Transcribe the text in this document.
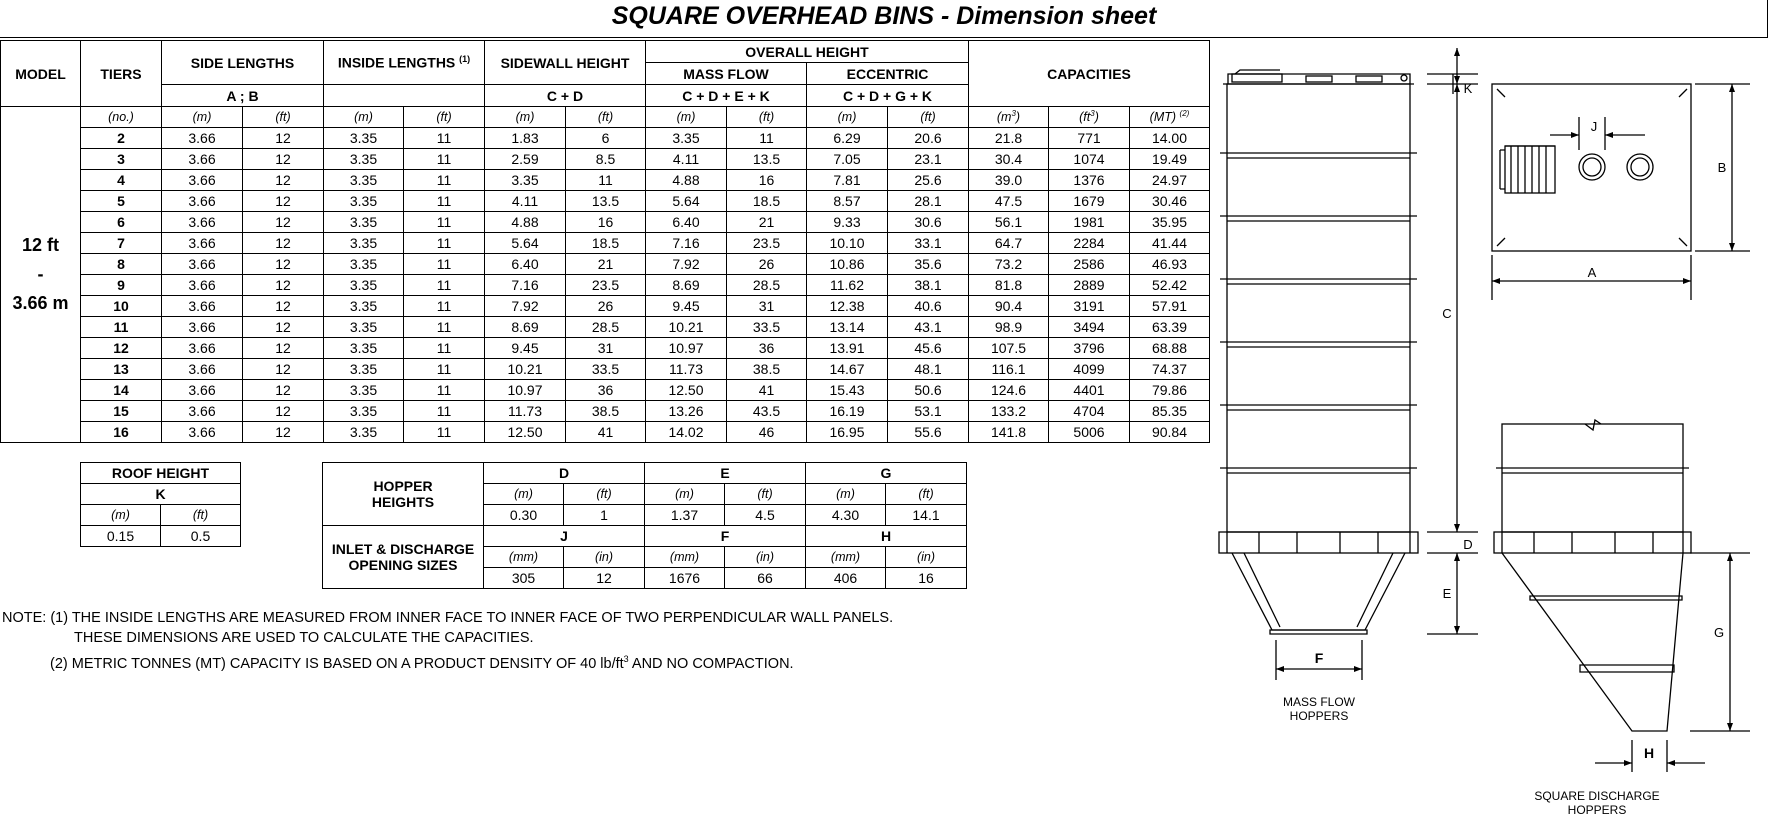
SQUARE OVERHEAD BINS - Dimension sheet
MODEL	TIERS	SIDE LENGTHS		INSIDE LENGTHS $^{(1)}$		SIDEWALL HEIGHT		OVERALL HEIGHT				CAPACITIES		
								MASS FLOW		ECCENTRIC				
		A ; B				C + D		C + D + E + K		C + D + G + K				

12 ft
-
3.66 m	(no.)	(m)	(ft)	(m)	(ft)	(m)	(ft)	(m)	(ft)	(m)	(ft)	$(m^3)$	$(ft^3)$	(MT) $^{(2)}$
	2	3.66	12	3.35	11	1.83	6	3.35	11	6.29	20.6	21.8	771	14.00
	3	3.66	12	3.35	11	2.59	8.5	4.11	13.5	7.05	23.1	30.4	1074	19.49
	4	3.66	12	3.35	11	3.35	11	4.88	16	7.81	25.6	39.0	1376	24.97
	5	3.66	12	3.35	11	4.11	13.5	5.64	18.5	8.57	28.1	47.5	1679	30.46
	6	3.66	12	3.35	11	4.88	16	6.40	21	9.33	30.6	56.1	1981	35.95
	7	3.66	12	3.35	11	5.64	18.5	7.16	23.5	10.10	33.1	64.7	2284	41.44
	8	3.66	12	3.35	11	6.40	21	7.92	26	10.86	35.6	73.2	2586	46.93
	9	3.66	12	3.35	11	7.16	23.5	8.69	28.5	11.62	38.1	81.8	2889	52.42
	10	3.66	12	3.35	11	7.92	26	9.45	31	12.38	40.6	90.4	3191	57.91
	11	3.66	12	3.35	11	8.69	28.5	10.21	33.5	13.14	43.1	98.9	3494	63.39
	12	3.66	12	3.35	11	9.45	31	10.97	36	13.91	45.6	107.5	3796	68.88
	13	3.66	12	3.35	11	10.21	33.5	11.73	38.5	14.67	48.1	116.1	4099	74.37
	14	3.66	12	3.35	11	10.97	36	12.50	41	15.43	50.6	124.6	4401	79.86
	15	3.66	12	3.35	11	11.73	38.5	13.26	43.5	16.19	53.1	133.2	4704	85.35
	16	3.66	12	3.35	11	12.50	41	14.02	46	16.95	55.6	141.8	5006	90.84
ROOF HEIGHT	
K	
(m)	(ft)
0.15	0.5
HOPPER
HEIGHTS	D		E		G	
	(m)	(ft)	(m)	(ft)	(m)	(ft)
	0.30	1	1.37	4.5	4.30	14.1

INLET & DISCHARGE
OPENING SIZES	J		F		H	
	(mm)	(in)	(mm)	(in)	(mm)	(in)
	305	12	1676	66	406	16
NOTE: (1) THE INSIDE LENGTHS ARE MEASURED FROM INNER FACE TO INNER FACE OF TWO PERPENDICULAR WALL PANELS.
THESE DIMENSIONS ARE USED TO CALCULATE THE CAPACITIES.
(2) METRIC TONNES (MT) CAPACITY IS BASED ON A PRODUCT DENSITY OF 40 $lb/ft^3$ AND NO COMPACTION.
K
C
D
E
F
J
A
B
G
H
MASS FLOW
HOPPERS
SQUARE DISCHARGE
HOPPERS
